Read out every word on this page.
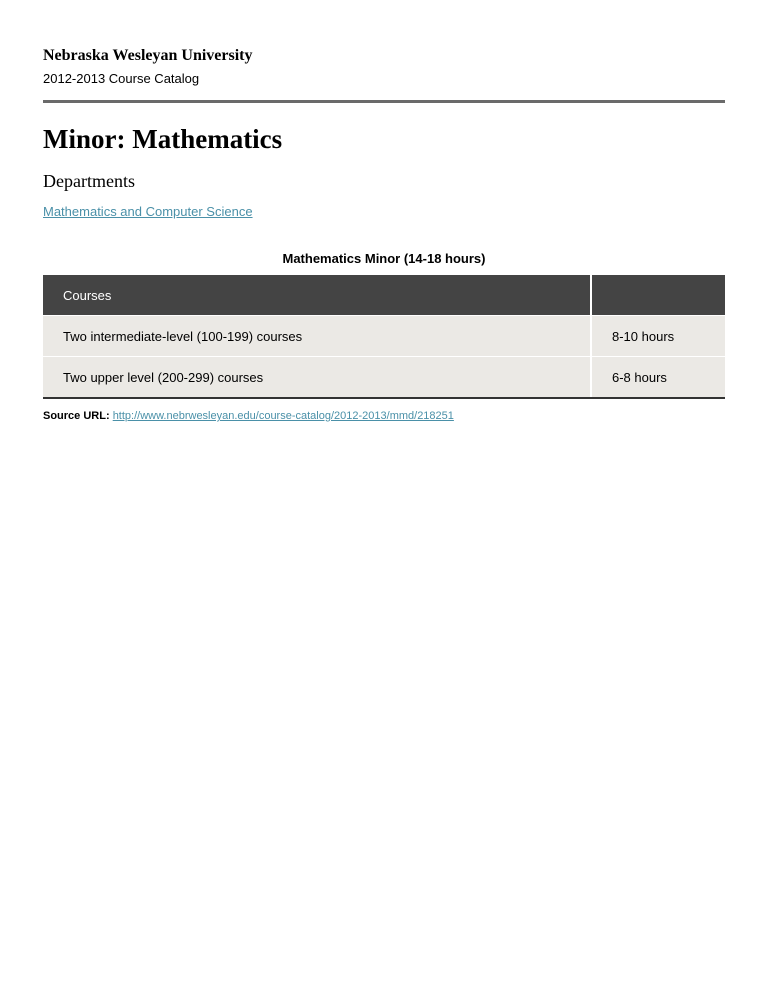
Nebraska Wesleyan University
2012-2013 Course Catalog
Minor: Mathematics
Departments
Mathematics and Computer Science
Mathematics Minor (14-18 hours)
Courses	
Two intermediate-level (100-199) courses	8-10 hours
Two upper level (200-299) courses	6-8 hours
Source URL: http://www.nebrwesleyan.edu/course-catalog/2012-2013/mmd/218251
